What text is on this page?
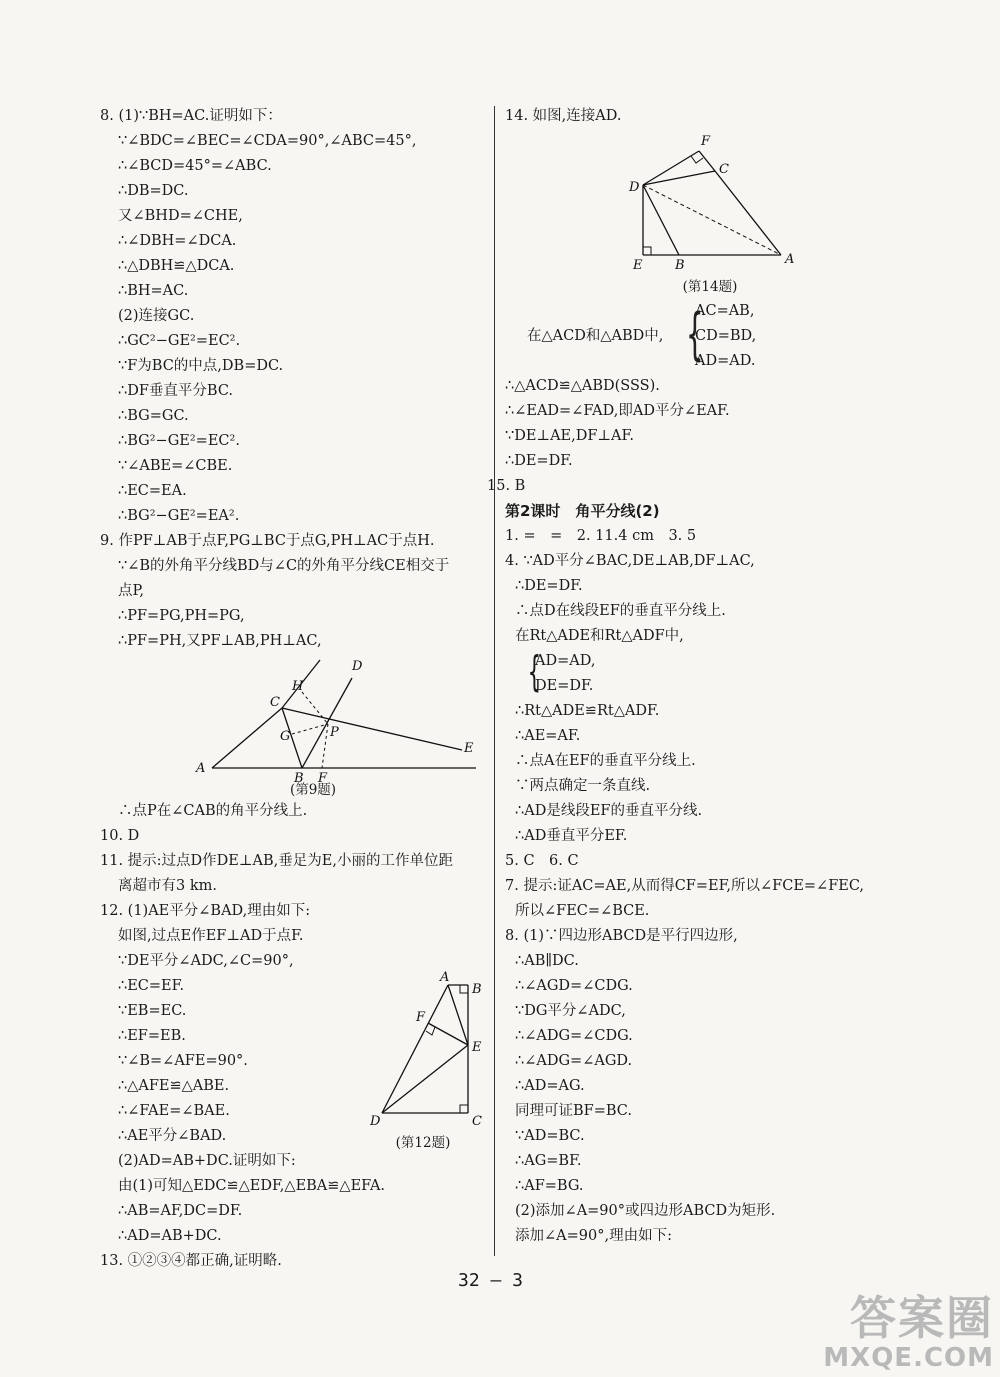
8. (1)∵BH=AC.证明如下：
∵∠BDC=∠BEC=∠CDA=90°,∠ABC=45°,
∴∠BCD=45°=∠ABC.
∴DB=DC.
又∠BHD=∠CHE,
∴∠DBH=∠DCA.
∴△DBH≌△DCA.
∴BH=AC.
(2)连接GC.
∴GC²−GE²=EC².
∵F为BC的中点,DB=DC.
∴DF垂直平分BC.
∴BG=GC.
∴BG²−GE²=EC².
∵∠ABE=∠CBE.
∴EC=EA.
∴BG²−GE²=EA².
9. 作PF⊥AB于点F,PG⊥BC于点G,PH⊥AC于点H.
∵∠B的外角平分线BD与∠C的外角平分线CE相交于
点P,
∴PF=PG,PH=PG,
∴PF=PH,又PF⊥AB,PH⊥AC,
A
B
C
D
E
F
G
H
P
(第9题)
∴点P在∠CAB的角平分线上.
10. D
11. 提示:过点D作DE⊥AB,垂足为E,小丽的工作单位距
离超市有3 km.
12. (1)AE平分∠BAD,理由如下:
如图,过点E作EF⊥AD于点F.
∵DE平分∠ADC,∠C=90°,
∴EC=EF.
∵EB=EC.
∴EF=EB.
∵∠B=∠AFE=90°.
∴△AFE≌△ABE.
∴∠FAE=∠BAE.
∴AE平分∠BAD.
(2)AD=AB+DC.证明如下:
由(1)可知△EDC≌△EDF,△EBA≌△EFA.
∴AB=AF,DC=DF.
∴AD=AB+DC.
A
B
C
D
E
F
(第12题)
13. ①②③④都正确,证明略.
14. 如图,连接AD.
F
C
D
E	B	A
(第14题)
在△ACD和△ABD中, {
AC=AB,
CD=BD,
AD=AD.
∴△ACD≌△ABD(SSS).
∴∠EAD=∠FAD,即AD平分∠EAF.
∵DE⊥AE,DF⊥AF.
∴DE=DF.
15. B
第2课时　角平分线(2)
1. =　=　2. 11.4 cm　3. 5
4. ∵AD平分∠BAC,DE⊥AB,DF⊥AC,
∴DE=DF.
∴点D在线段EF的垂直平分线上.
在Rt△ADE和Rt△ADF中,
{
AD=AD,
DE=DF.
∴Rt△ADE≌Rt△ADF.
∴AE=AF.
∴点A在EF的垂直平分线上.
∵两点确定一条直线.
∴AD是线段EF的垂直平分线.
∴AD垂直平分EF.
5. C　6. C
7. 提示:证AC=AE,从而得CF=EF,所以∠FCE=∠FEC,
所以∠FEC=∠BCE.
8. (1)∵四边形ABCD是平行四边形,
∴AB∥DC.
∴∠AGD=∠CDG.
∵DG平分∠ADC,
∴∠ADG=∠CDG.
∴∠ADG=∠AGD.
∴AD=AG.
同理可证BF=BC.
∵AD=BC.
∴AG=BF.
∴AF=BG.
(2)添加∠A=90°或四边形ABCD为矩形.
添加∠A=90°,理由如下:
32 — 3
答案圈
MXQE.COM
